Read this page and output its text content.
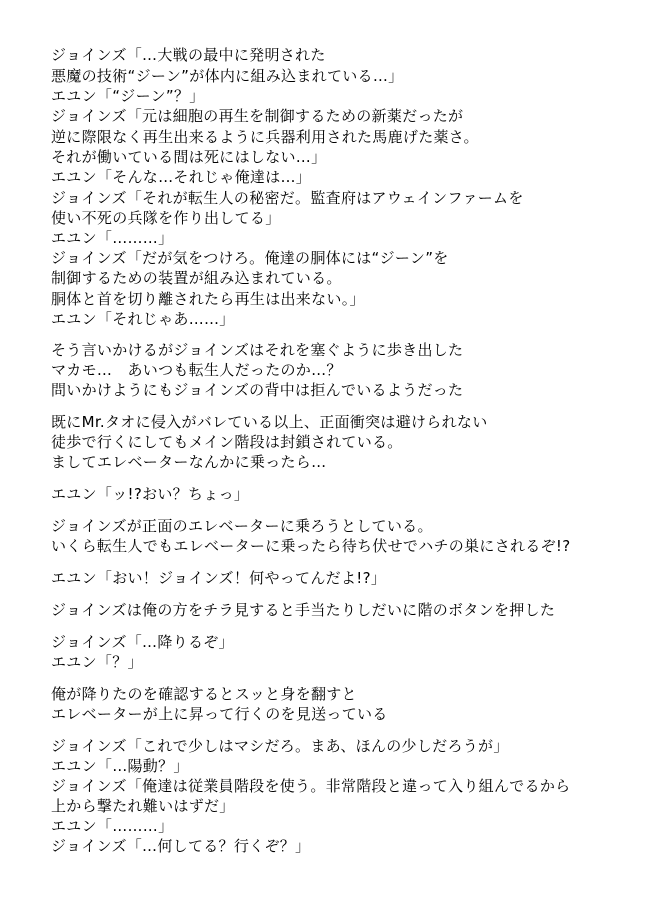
ジョインズ「…大戦の最中に発明された
悪魔の技術“ジーン”が体内に組み込まれている…」
エユン「“ジーン”？」
ジョインズ「元は細胞の再生を制御するための新薬だったが
逆に際限なく再生出来るように兵器利用された馬鹿げた薬さ。
それが働いている間は死にはしない…」
エユン「そんな…それじゃ俺達は…」
ジョインズ「それが転生人の秘密だ。監査府はアウェインファームを
使い不死の兵隊を作り出してる」
エユン「………」
ジョインズ「だが気をつけろ。俺達の胴体には“ジーン”を
制御するための装置が組み込まれている。
胴体と首を切り離されたら再生は出来ない。」
エユン「それじゃあ……」
そう言いかけるがジョインズはそれを塞ぐように歩き出した
マカモ…　あいつも転生人だったのか…？
問いかけようにもジョインズの背中は拒んでいるようだった
既にMr.タオに侵入がバレている以上、正面衝突は避けられない
徒歩で行くにしてもメイン階段は封鎖されている。
ましてエレベーターなんかに乗ったら…
エユン「ッ!?おい？ちょっ」
ジョインズが正面のエレベーターに乗ろうとしている。
いくら転生人でもエレベーターに乗ったら待ち伏せでハチの巣にされるぞ!?
エユン「おい！ジョインズ！何やってんだよ!?」
ジョインズは俺の方をチラ見すると手当たりしだいに階のボタンを押した
ジョインズ「…降りるぞ」
エユン「？」
俺が降りたのを確認するとスッと身を翻すと
エレベーターが上に昇って行くのを見送っている
ジョインズ「これで少しはマシだろ。まあ、ほんの少しだろうが」
エユン「…陽動？」
ジョインズ「俺達は従業員階段を使う。非常階段と違って入り組んでるから
上から撃たれ難いはずだ」
エユン「………」
ジョインズ「…何してる？行くぞ？」
